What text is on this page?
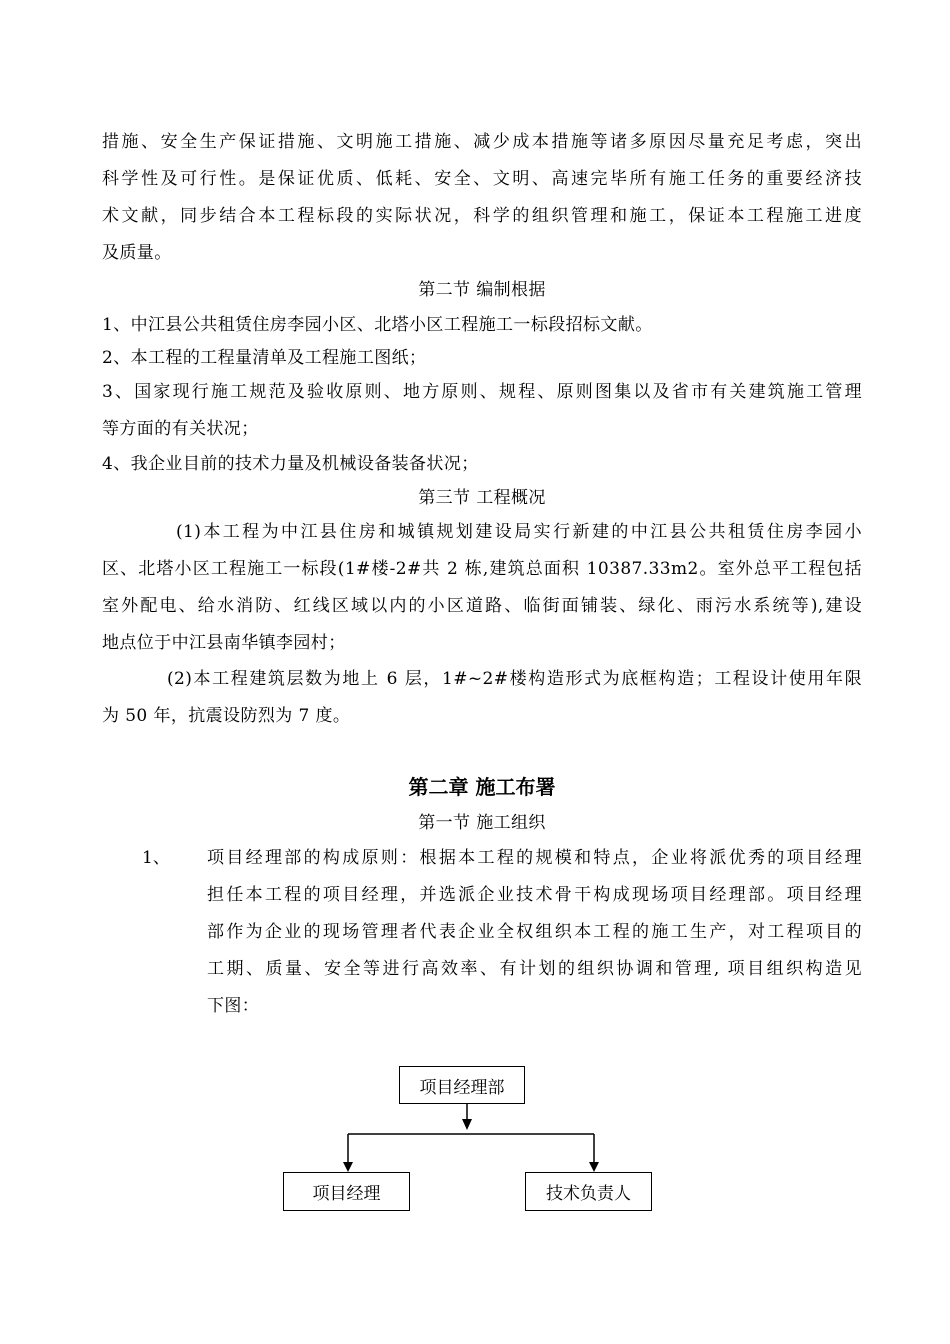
措施、安全生产保证措施、文明施工措施、减少成本措施等诸多原因尽量充足考虑，突出
科学性及可行性。是保证优质、低耗、安全、文明、高速完毕所有施工任务的重要经济技
术文献，同步结合本工程标段的实际状况，科学的组织管理和施工，保证本工程施工进度
及质量。
第二节 编制根据
1、中江县公共租赁住房李园小区、北塔小区工程施工一标段招标文献。
2、本工程的工程量清单及工程施工图纸；
3、国家现行施工规范及验收原则、地方原则、规程、原则图集以及省市有关建筑施工管理
等方面的有关状况；
4、我企业目前的技术力量及机械设备装备状况；
第三节 工程概况
(1)本工程为中江县住房和城镇规划建设局实行新建的中江县公共租赁住房李园小
区、北塔小区工程施工一标段(1#楼-2#共 2 栋,建筑总面积 10387.33m2。室外总平工程包括
室外配电、给水消防、红线区域以内的小区道路、临街面铺装、绿化、雨污水系统等),建设
地点位于中江县南华镇李园村；
(2)本工程建筑层数为地上 6 层，1#~2#楼构造形式为底框构造；工程设计使用年限
为 50 年，抗震设防烈为 7 度。
第二章 施工布署
第一节 施工组织
1、 项目经理部的构成原则：根据本工程的规模和特点，企业将派优秀的项目经理
担任本工程的项目经理，并选派企业技术骨干构成现场项目经理部。项目经理
部作为企业的现场管理者代表企业全权组织本工程的施工生产，对工程项目的
工期、质量、安全等进行高效率、有计划的组织协调和管理, 项目组织构造见
下图：
项目经理部
项目经理	技术负责人
